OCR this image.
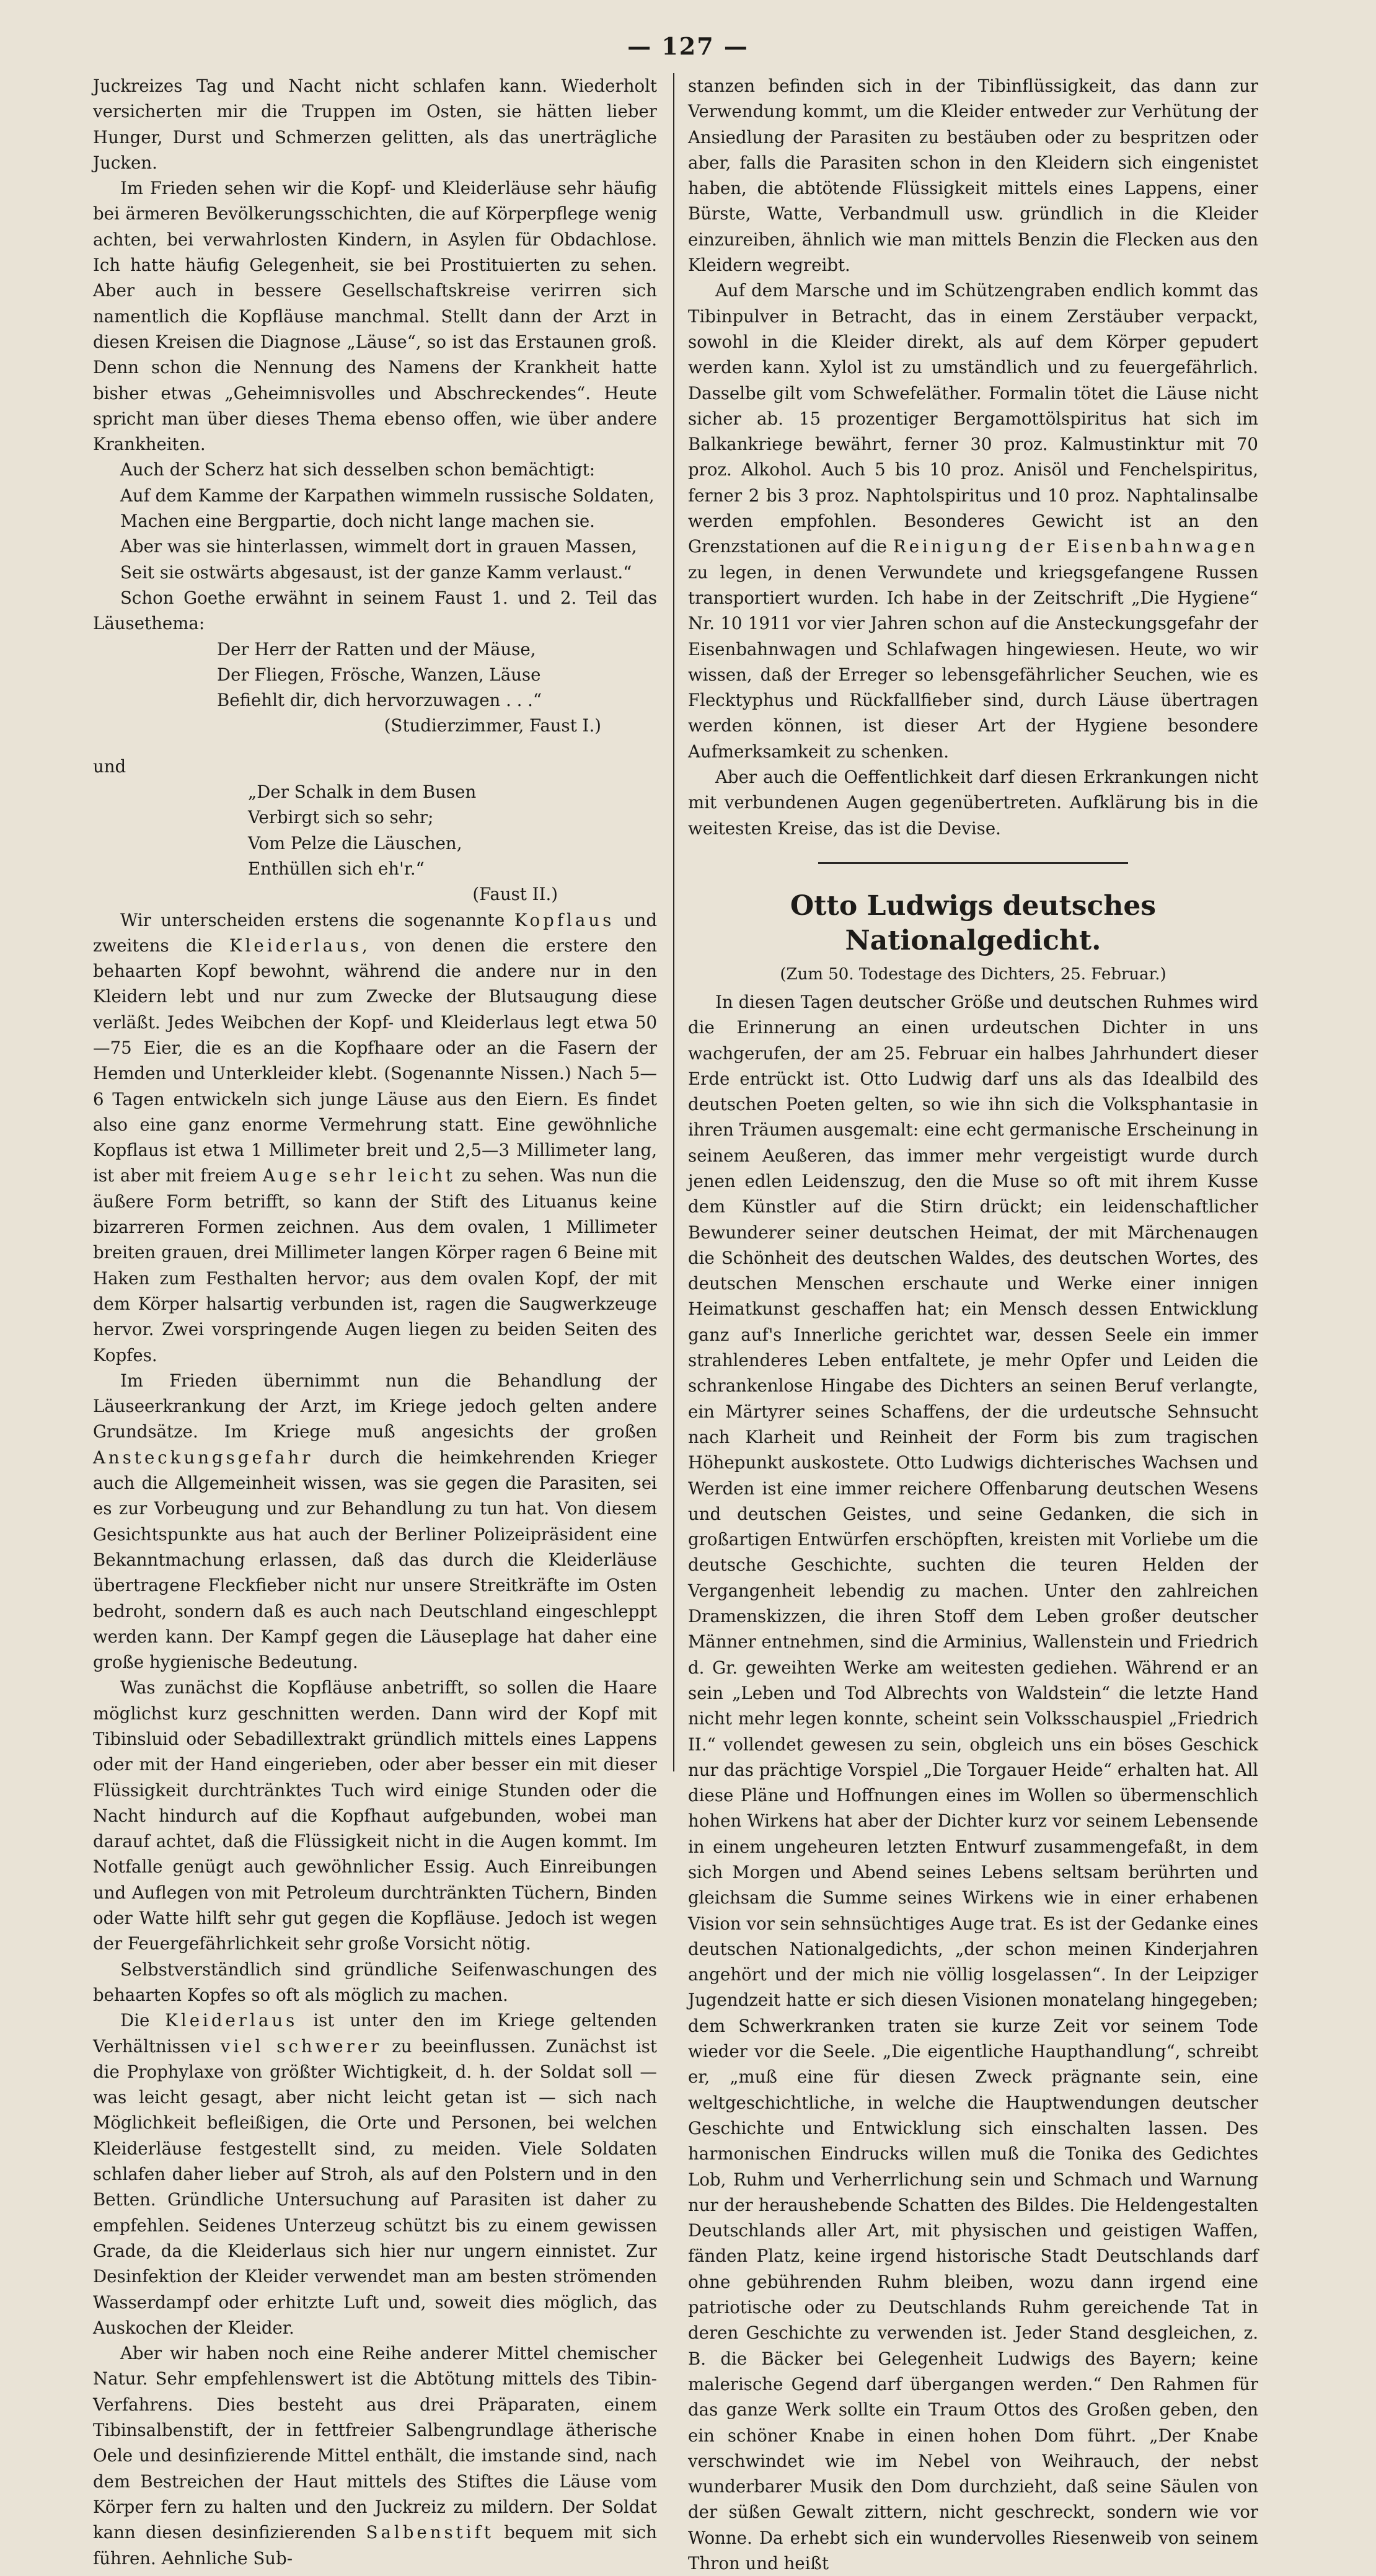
— 127 —

Juckreizes Tag und Nacht nicht schlafen kann. Wiederholt versicherten mir die Truppen im Osten, sie hätten lieber Hunger, Durst und Schmerzen gelitten, als das unerträgliche Jucken.

Im Frieden sehen wir die Kopf- und Kleiderläuse sehr häufig bei ärmeren Bevölkerungsschichten, die auf Körperpflege wenig achten, bei verwahrlosten Kindern, in Asylen für Obdachlose. Ich hatte häufig Gelegenheit, sie bei Prostituierten zu sehen. Aber auch in bessere Gesellschaftskreise verirren sich namentlich die Kopfläuse manchmal. Stellt dann der Arzt in diesen Kreisen die Diagnose „Läuse“, so ist das Erstaunen groß. Denn schon die Nennung des Namens der Krankheit hatte bisher etwas „Geheimnisvolles und Abschreckendes“. Heute spricht man über dieses Thema ebenso offen, wie über andere Krankheiten.

Auch der Scherz hat sich desselben schon bemächtigt:

Auf dem Kamme der Karpathen wimmeln russische Soldaten,
Machen eine Bergpartie, doch nicht lange machen sie.
Aber was sie hinterlassen, wimmelt dort in grauen Massen,
Seit sie ostwärts abgesaust, ist der ganze Kamm verlaust.“

Schon Goethe erwähnt in seinem Faust 1. und 2. Teil das Läusethema:

Der Herr der Ratten und der Mäuse,
Der Fliegen, Frösche, Wanzen, Läuse
Befiehlt dir, dich hervorzuwagen . . .“
(Studierzimmer, Faust I.)

und

„Der Schalk in dem Busen
Verbirgt sich so sehr;
Vom Pelze die Läuschen,
Enthüllen sich eh'r.“
(Faust II.)

Wir unterscheiden erstens die sogenannte Kopflaus und zweitens die Kleiderlaus, von denen die erstere den behaarten Kopf bewohnt, während die andere nur in den Kleidern lebt und nur zum Zwecke der Blutsaugung diese verläßt. Jedes Weibchen der Kopf- und Kleiderlaus legt etwa 50—75 Eier, die es an die Kopfhaare oder an die Fasern der Hemden und Unterkleider klebt. (Sogenannte Nissen.) Nach 5—6 Tagen entwickeln sich junge Läuse aus den Eiern. Es findet also eine ganz enorme Vermehrung statt. Eine gewöhnliche Kopflaus ist etwa 1 Millimeter breit und 2,5—3 Millimeter lang, ist aber mit freiem Auge sehr leicht zu sehen. Was nun die äußere Form betrifft, so kann der Stift des Lituanus keine bizarreren Formen zeichnen. Aus dem ovalen, 1 Millimeter breiten grauen, drei Millimeter langen Körper ragen 6 Beine mit Haken zum Festhalten hervor; aus dem ovalen Kopf, der mit dem Körper halsartig verbunden ist, ragen die Saugwerkzeuge hervor. Zwei vorspringende Augen liegen zu beiden Seiten des Kopfes.

Im Frieden übernimmt nun die Behandlung der Läuseerkrankung der Arzt, im Kriege jedoch gelten andere Grundsätze. Im Kriege muß angesichts der großen Ansteckungsgefahr durch die heimkehrenden Krieger auch die Allgemeinheit wissen, was sie gegen die Parasiten, sei es zur Vorbeugung und zur Behandlung zu tun hat. Von diesem Gesichtspunkte aus hat auch der Berliner Polizeipräsident eine Bekanntmachung erlassen, daß das durch die Kleiderläuse übertragene Fleckfieber nicht nur unsere Streitkräfte im Osten bedroht, sondern daß es auch nach Deutschland eingeschleppt werden kann. Der Kampf gegen die Läuseplage hat daher eine große hygienische Bedeutung.

Was zunächst die Kopfläuse anbetrifft, so sollen die Haare möglichst kurz geschnitten werden. Dann wird der Kopf mit Tibinsluid oder Sebadillextrakt gründlich mittels eines Lappens oder mit der Hand eingerieben, oder aber besser ein mit dieser Flüssigkeit durchtränktes Tuch wird einige Stunden oder die Nacht hindurch auf die Kopfhaut aufgebunden, wobei man darauf achtet, daß die Flüssigkeit nicht in die Augen kommt. Im Notfalle genügt auch gewöhnlicher Essig. Auch Einreibungen und Auflegen von mit Petroleum durchtränkten Tüchern, Binden oder Watte hilft sehr gut gegen die Kopfläuse. Jedoch ist wegen der Feuergefährlichkeit sehr große Vorsicht nötig.

Selbstverständlich sind gründliche Seifenwaschungen des behaarten Kopfes so oft als möglich zu machen.

Die Kleiderlaus ist unter den im Kriege geltenden Verhältnissen viel schwerer zu beeinflussen. Zunächst ist die Prophylaxe von größter Wichtigkeit, d. h. der Soldat soll — was leicht gesagt, aber nicht leicht getan ist — sich nach Möglichkeit befleißigen, die Orte und Personen, bei welchen Kleiderläuse festgestellt sind, zu meiden. Viele Soldaten schlafen daher lieber auf Stroh, als auf den Polstern und in den Betten. Gründliche Untersuchung auf Parasiten ist daher zu empfehlen. Seidenes Unterzeug schützt bis zu einem gewissen Grade, da die Kleiderlaus sich hier nur ungern einnistet. Zur Desinfektion der Kleider verwendet man am besten strömenden Wasserdampf oder erhitzte Luft und, soweit dies möglich, das Auskochen der Kleider.

Aber wir haben noch eine Reihe anderer Mittel chemischer Natur. Sehr empfehlenswert ist die Abtötung mittels des Tibin-Verfahrens. Dies besteht aus drei Präparaten, einem Tibinsalbenstift, der in fettfreier Salbengrundlage ätherische Oele und desinfizierende Mittel enthält, die imstande sind, nach dem Bestreichen der Haut mittels des Stiftes die Läuse vom Körper fern zu halten und den Juckreiz zu mildern. Der Soldat kann diesen desinfizierenden Salbenstift bequem mit sich führen. Aehnliche Sub-

stanzen befinden sich in der Tibinflüssigkeit, das dann zur Verwendung kommt, um die Kleider entweder zur Verhütung der Ansiedlung der Parasiten zu bestäuben oder zu bespritzen oder aber, falls die Parasiten schon in den Kleidern sich eingenistet haben, die abtötende Flüssigkeit mittels eines Lappens, einer Bürste, Watte, Verbandmull usw. gründlich in die Kleider einzureiben, ähnlich wie man mittels Benzin die Flecken aus den Kleidern wegreibt.

Auf dem Marsche und im Schützengraben endlich kommt das Tibinpulver in Betracht, das in einem Zerstäuber verpackt, sowohl in die Kleider direkt, als auf dem Körper gepudert werden kann. Xylol ist zu umständlich und zu feuergefährlich. Dasselbe gilt vom Schwefeläther. Formalin tötet die Läuse nicht sicher ab. 15 prozentiger Bergamottölspiritus hat sich im Balkankriege bewährt, ferner 30 proz. Kalmustinktur mit 70 proz. Alkohol. Auch 5 bis 10 proz. Anisöl und Fenchelspiritus, ferner 2 bis 3 proz. Naphtolspiritus und 10 proz. Naphtalinsalbe werden empfohlen. Besonderes Gewicht ist an den Grenzstationen auf die Reinigung der Eisenbahnwagen zu legen, in denen Verwundete und kriegsgefangene Russen transportiert wurden. Ich habe in der Zeitschrift „Die Hygiene“ Nr. 10 1911 vor vier Jahren schon auf die Ansteckungsgefahr der Eisenbahnwagen und Schlafwagen hingewiesen. Heute, wo wir wissen, daß der Erreger so lebensgefährlicher Seuchen, wie es Flecktyphus und Rückfallfieber sind, durch Läuse übertragen werden können, ist dieser Art der Hygiene besondere Aufmerksamkeit zu schenken.

Aber auch die Oeffentlichkeit darf diesen Erkrankungen nicht mit verbundenen Augen gegenübertreten. Aufklärung bis in die weitesten Kreise, das ist die Devise.

Otto Ludwigs deutsches Nationalgedicht.
(Zum 50. Todestage des Dichters, 25. Februar.)

In diesen Tagen deutscher Größe und deutschen Ruhmes wird die Erinnerung an einen urdeutschen Dichter in uns wachgerufen, der am 25. Februar ein halbes Jahrhundert dieser Erde entrückt ist. Otto Ludwig darf uns als das Idealbild des deutschen Poeten gelten, so wie ihn sich die Volksphantasie in ihren Träumen ausgemalt: eine echt germanische Erscheinung in seinem Aeußeren, das immer mehr vergeistigt wurde durch jenen edlen Leidenszug, den die Muse so oft mit ihrem Kusse dem Künstler auf die Stirn drückt; ein leidenschaftlicher Bewunderer seiner deutschen Heimat, der mit Märchenaugen die Schönheit des deutschen Waldes, des deutschen Wortes, des deutschen Menschen erschaute und Werke einer innigen Heimatkunst geschaffen hat; ein Mensch dessen Entwicklung ganz auf's Innerliche gerichtet war, dessen Seele ein immer strahlenderes Leben entfaltete, je mehr Opfer und Leiden die schrankenlose Hingabe des Dichters an seinen Beruf verlangte, ein Märtyrer seines Schaffens, der die urdeutsche Sehnsucht nach Klarheit und Reinheit der Form bis zum tragischen Höhepunkt auskostete. Otto Ludwigs dichterisches Wachsen und Werden ist eine immer reichere Offenbarung deutschen Wesens und deutschen Geistes, und seine Gedanken, die sich in großartigen Entwürfen erschöpften, kreisten mit Vorliebe um die deutsche Geschichte, suchten die teuren Helden der Vergangenheit lebendig zu machen. Unter den zahlreichen Dramenskizzen, die ihren Stoff dem Leben großer deutscher Männer entnehmen, sind die Arminius, Wallenstein und Friedrich d. Gr. geweihten Werke am weitesten gediehen. Während er an sein „Leben und Tod Albrechts von Waldstein“ die letzte Hand nicht mehr legen konnte, scheint sein Volksschauspiel „Friedrich II.“ vollendet gewesen zu sein, obgleich uns ein böses Geschick nur das prächtige Vorspiel „Die Torgauer Heide“ erhalten hat. All diese Pläne und Hoffnungen eines im Wollen so übermenschlich hohen Wirkens hat aber der Dichter kurz vor seinem Lebensende in einem ungeheuren letzten Entwurf zusammengefaßt, in dem sich Morgen und Abend seines Lebens seltsam berührten und gleichsam die Summe seines Wirkens wie in einer erhabenen Vision vor sein sehnsüchtiges Auge trat. Es ist der Gedanke eines deutschen Nationalgedichts, „der schon meinen Kinderjahren angehört und der mich nie völlig losgelassen“. In der Leipziger Jugendzeit hatte er sich diesen Visionen monatelang hingegeben; dem Schwerkranken traten sie kurze Zeit vor seinem Tode wieder vor die Seele. „Die eigentliche Haupthandlung“, schreibt er, „muß eine für diesen Zweck prägnante sein, eine weltgeschichtliche, in welche die Hauptwendungen deutscher Geschichte und Entwicklung sich einschalten lassen. Des harmonischen Eindrucks willen muß die Tonika des Gedichtes Lob, Ruhm und Verherrlichung sein und Schmach und Warnung nur der heraushebende Schatten des Bildes. Die Heldengestalten Deutschlands aller Art, mit physischen und geistigen Waffen, fänden Platz, keine irgend historische Stadt Deutschlands darf ohne gebührenden Ruhm bleiben, wozu dann irgend eine patriotische oder zu Deutschlands Ruhm gereichende Tat in deren Geschichte zu verwenden ist. Jeder Stand desgleichen, z. B. die Bäcker bei Gelegenheit Ludwigs des Bayern; keine malerische Gegend darf übergangen werden.“ Den Rahmen für das ganze Werk sollte ein Traum Ottos des Großen geben, den ein schöner Knabe in einen hohen Dom führt. „Der Knabe verschwindet wie im Nebel von Weihrauch, der nebst wunderbarer Musik den Dom durchzieht, daß seine Säulen von der süßen Gewalt zittern, nicht geschreckt, sondern wie vor Wonne. Da erhebt sich ein wundervolles Riesenweib von seinem Thron und heißt
